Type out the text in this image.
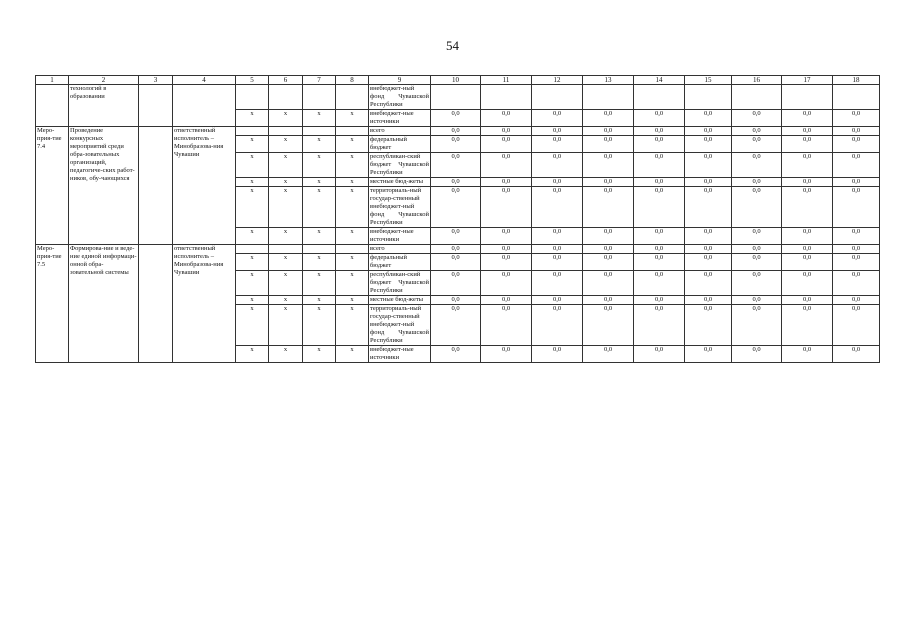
54
1	2	3	4	5	6	7	8	9	10	11	12	13	14	15	16	17	18
	технологий в образовании							внебюджет-ный фонд Чувашской Республики									
				x	x	x	x	внебюджет-ные источники	0,0	0,0	0,0	0,0	0,0	0,0	0,0	0,0	0,0
Меро-прия-тие 7.4	Проведение конкурсных мероприятий среди обра-зовательных организаций, педагогиче-ских работ-ников, обу-чающихся		ответственный исполнитель – Минобразова-ния Чувашии					всего	0,0	0,0	0,0	0,0	0,0	0,0	0,0	0,0	0,0
				x	x	x	x	федеральный бюджет	0,0	0,0	0,0	0,0	0,0	0,0	0,0	0,0	0,0
				x	x	x	x	республикан-ский бюджет Чувашской Республики	0,0	0,0	0,0	0,0	0,0	0,0	0,0	0,0	0,0
				x	x	x	x	местные бюд-жеты	0,0	0,0	0,0	0,0	0,0	0,0	0,0	0,0	0,0
				x	x	x	x	территориаль-ный государ-ственный внебюджет-ный фонд Чувашской Республики	0,0	0,0	0,0	0,0	0,0	0,0	0,0	0,0	0,0
				x	x	x	x	внебюджет-ные источники	0,0	0,0	0,0	0,0	0,0	0,0	0,0	0,0	0,0
Меро-прия-тие 7.5	Формирова-ние и веде-ние единой информаци-онной обра-зовательной системы		ответственный исполнитель – Минобразова-ния Чувашии					всего	0,0	0,0	0,0	0,0	0,0	0,0	0,0	0,0	0,0
				x	x	x	x	федеральный бюджет	0,0	0,0	0,0	0,0	0,0	0,0	0,0	0,0	0,0
				x	x	x	x	республикан-ский бюджет Чувашской Республики	0,0	0,0	0,0	0,0	0,0	0,0	0,0	0,0	0,0
				x	x	x	x	местные бюд-жеты	0,0	0,0	0,0	0,0	0,0	0,0	0,0	0,0	0,0
				x	x	x	x	территориаль-ный государ-ственный внебюджет-ный фонд Чувашской Республики	0,0	0,0	0,0	0,0	0,0	0,0	0,0	0,0	0,0
				x	x	x	x	внебюджет-ные источники	0,0	0,0	0,0	0,0	0,0	0,0	0,0	0,0	0,0
